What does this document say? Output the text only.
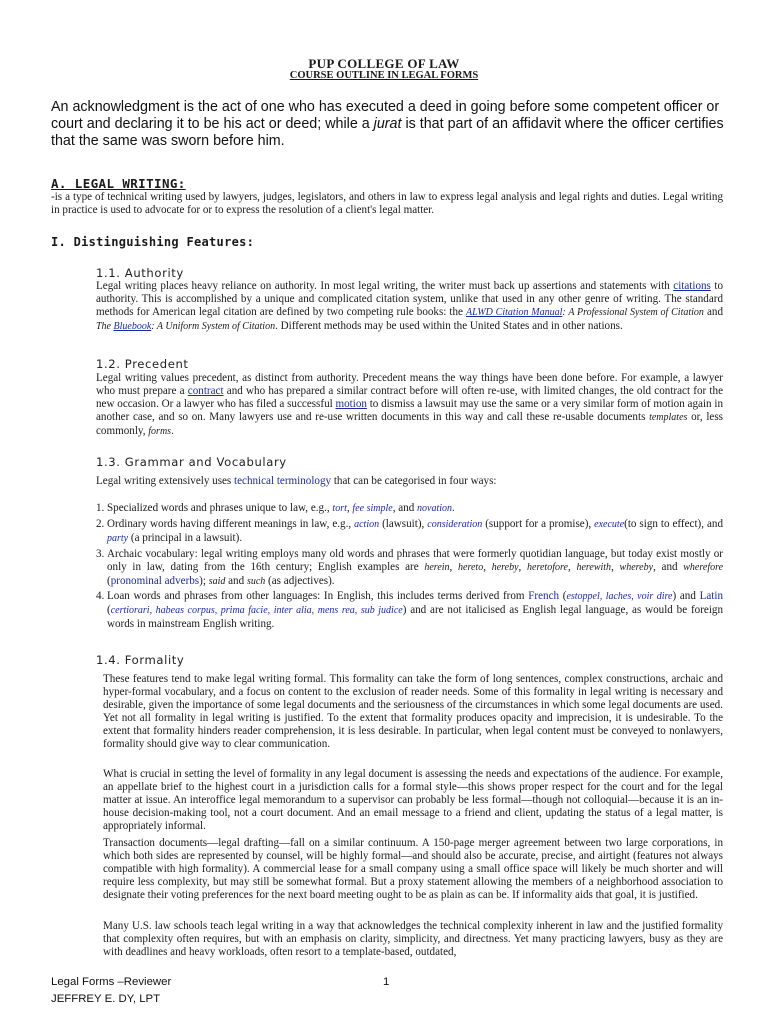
PUP COLLEGE OF LAW
COURSE OUTLINE IN LEGAL FORMS
An acknowledgment is the act of one who has executed a deed in going before some competent officer or court and declaring it to be his act or deed; while a jurat is that part of an affidavit where the officer certifies that the same was sworn before him.
A. LEGAL WRITING:
-is a type of technical writing used by lawyers, judges, legislators, and others in law to express legal analysis and legal rights and duties. Legal writing in practice is used to advocate for or to express the resolution of a client's legal matter.
I. Distinguishing Features:
1.1. Authority
Legal writing places heavy reliance on authority. In most legal writing, the writer must back up assertions and statements with citations to authority. This is accomplished by a unique and complicated citation system, unlike that used in any other genre of writing. The standard methods for American legal citation are defined by two competing rule books: the ALWD Citation Manual: A Professional System of Citation and The Bluebook: A Uniform System of Citation. Different methods may be used within the United States and in other nations.
1.2. Precedent
Legal writing values precedent, as distinct from authority. Precedent means the way things have been done before. For example, a lawyer who must prepare a contract and who has prepared a similar contract before will often re-use, with limited changes, the old contract for the new occasion. Or a lawyer who has filed a successful motion to dismiss a lawsuit may use the same or a very similar form of motion again in another case, and so on. Many lawyers use and re-use written documents in this way and call these re-usable documents templates or, less commonly, forms.
1.3. Grammar and Vocabulary
Legal writing extensively uses technical terminology that can be categorised in four ways:
1. Specialized words and phrases unique to law, e.g., tort, fee simple, and novation.
2. Ordinary words having different meanings in law, e.g., action (lawsuit), consideration (support for a promise), execute(to sign to effect), and party (a principal in a lawsuit).
3. Archaic vocabulary: legal writing employs many old words and phrases that were formerly quotidian language, but today exist mostly or only in law, dating from the 16th century; English examples are herein, hereto, hereby, heretofore, herewith, whereby, and wherefore (pronominal adverbs); said and such (as adjectives).
4. Loan words and phrases from other languages: In English, this includes terms derived from French (estoppel, laches, voir dire) and Latin (certiorari, habeas corpus, prima facie, inter alia, mens rea, sub judice) and are not italicised as English legal language, as would be foreign words in mainstream English writing.
1.4. Formality
These features tend to make legal writing formal. This formality can take the form of long sentences, complex constructions, archaic and hyper-formal vocabulary, and a focus on content to the exclusion of reader needs. Some of this formality in legal writing is necessary and desirable, given the importance of some legal documents and the seriousness of the circumstances in which some legal documents are used. Yet not all formality in legal writing is justified. To the extent that formality produces opacity and imprecision, it is undesirable. To the extent that formality hinders reader comprehension, it is less desirable. In particular, when legal content must be conveyed to nonlawyers, formality should give way to clear communication.
What is crucial in setting the level of formality in any legal document is assessing the needs and expectations of the audience. For example, an appellate brief to the highest court in a jurisdiction calls for a formal style—this shows proper respect for the court and for the legal matter at issue. An interoffice legal memorandum to a supervisor can probably be less formal—though not colloquial—because it is an in-house decision-making tool, not a court document. And an email message to a friend and client, updating the status of a legal matter, is appropriately informal.
Transaction documents—legal drafting—fall on a similar continuum. A 150-page merger agreement between two large corporations, in which both sides are represented by counsel, will be highly formal—and should also be accurate, precise, and airtight (features not always compatible with high formality). A commercial lease for a small company using a small office space will likely be much shorter and will require less complexity, but may still be somewhat formal. But a proxy statement allowing the members of a neighborhood association to designate their voting preferences for the next board meeting ought to be as plain as can be. If informality aids that goal, it is justified.
Many U.S. law schools teach legal writing in a way that acknowledges the technical complexity inherent in law and the justified formality that complexity often requires, but with an emphasis on clarity, simplicity, and directness. Yet many practicing lawyers, busy as they are with deadlines and heavy workloads, often resort to a template-based, outdated,
Legal Forms –Reviewer	1
JEFFREY E. DY, LPT
